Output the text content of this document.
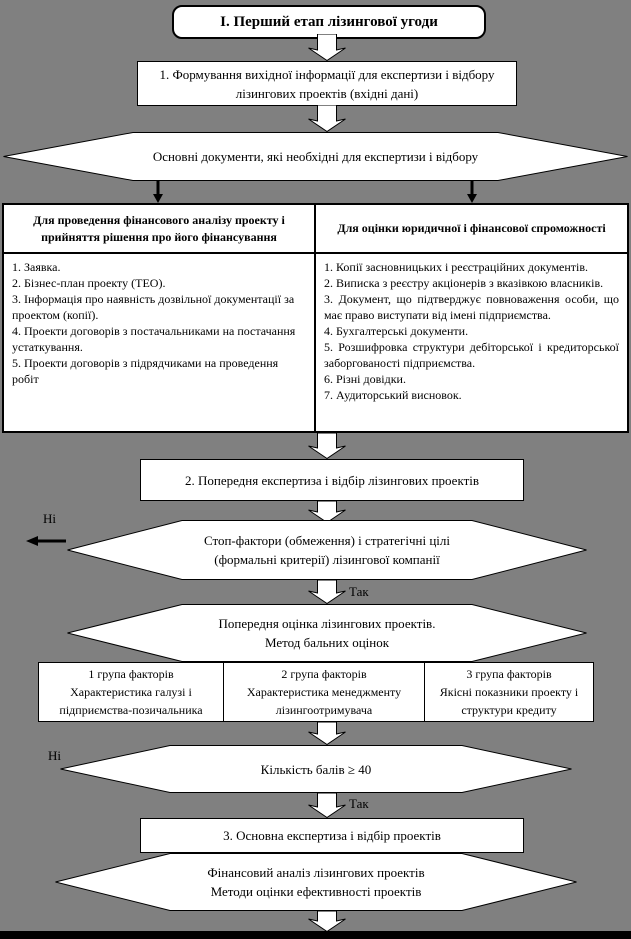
І. Перший етап лізингової угоди
1. Формування вихідної інформації для експертизи і відбору лізингових проектів (вхідні дані)
Основні документи, які необхідні для експертизи і відбору
Для проведення фінансового аналізу проекту і прийняття рішення про його фінансування
Для оцінки юридичної і фінансової спроможності

1. Заявка.

2. Бізнес-план проекту (ТЕО).

3. Інформація про наявність дозвільної документації за проектом (копії).

4. Проекти договорів з постачальниками на постачання устаткування.

5. Проекти договорів з підрядчиками на проведення робіт

1. Копії засновницьких і реєстраційних документів.

2. Виписка з реєстру акціонерів з вказівкою власників.

3. Документ, що підтверджує повноваження особи, що має право виступати від імені підприємства.

4. Бухгалтерські документи.

5. Розшифровка структури дебіторської і кредиторської заборгованості підприємства.

6. Різні довідки.

7. Аудиторський висновок.

2. Попередня експертиза і відбір лізингових проектів
Ні
Стоп-фактори (обмеження) і стратегічні цілі
(формальні критерії) лізингової компанії
Так
Попередня оцінка лізингових проектів.
Метод бальних оцінок
1 група факторів
Характеристика галузі і підприємства-позичальника
2 група факторів
Характеристика менеджменту лізингоотримувача
3 група факторів
Якісні показники проекту і структури кредиту
Ні
Кількість балів ≥ 40
Так
3. Основна експертиза і відбір проектів
Фінансовий аналіз лізингових проектів
Методи оцінки ефективності проектів
